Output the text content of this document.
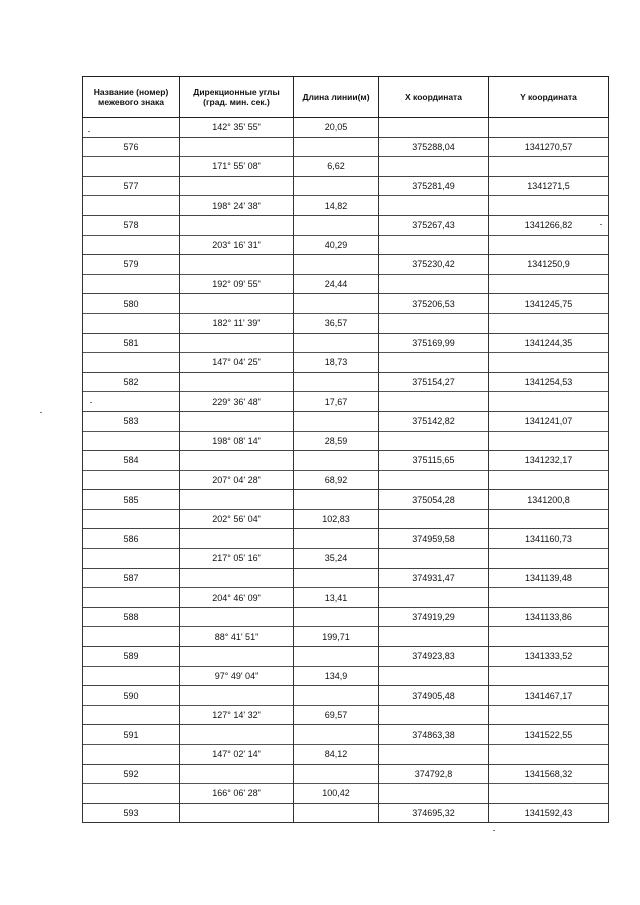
Название (номер) межевого знака	Дирекционные углы (град. мин. сек.)	Длина линии(м)	X координата	Y координата
	142° 35' 55"	20,05		
576			375288,04	1341270,57
	171° 55' 08"	6,62		
577			375281,49	1341271,5
	198° 24' 38"	14,82		
578			375267,43	1341266,82
	203° 16' 31"	40,29		
579			375230,42	1341250,9
	192° 09' 55"	24,44		
580			375206,53	1341245,75
	182° 11' 39"	36,57		
581			375169,99	1341244,35
	147° 04' 25"	18,73		
582			375154,27	1341254,53
	229° 36' 48"	17,67		
583			375142,82	1341241,07
	198° 08' 14"	28,59		
584			375115,65	1341232,17
	207° 04' 28"	68,92		
585			375054,28	1341200,8
	202° 56' 04"	102,83		
586			374959,58	1341160,73
	217° 05' 16"	35,24		
587			374931,47	1341139,48
	204° 46' 09"	13,41		
588			374919,29	1341133,86
	88° 41' 51"	199,71		
589			374923,83	1341333,52
	97° 49' 04"	134,9		
590			374905,48	1341467,17
	127° 14' 32"	69,57		
591			374863,38	1341522,55
	147° 02' 14"	84,12		
592			374792,8	1341568,32
	166° 06' 28"	100,42		
593			374695,32	1341592,43
